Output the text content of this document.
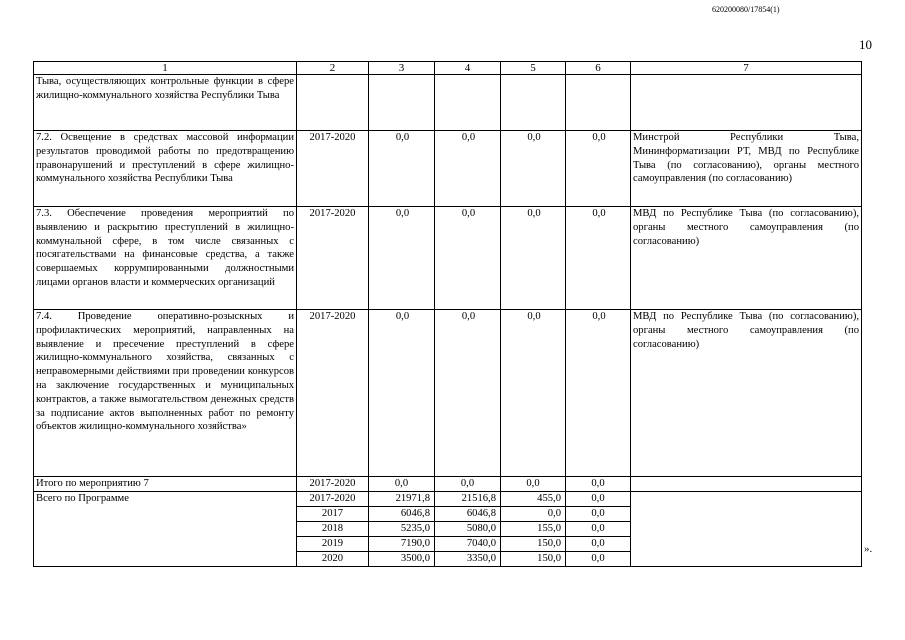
620200080/17854(1)
10
».
1	2	3	4	5	6	7
Тыва, осуществляющих контрольные функции в сфере жилищно-коммунального хозяйства Республики Тыва						
7.2. Освещение в средствах массовой информации результатов проводимой работы по предотвращению правонарушений и преступлений в сфере жилищно-коммунального хозяйства Республики Тыва	2017-2020	0,0	0,0	0,0	0,0	Минстрой Республики Тыва, Мининформатизации РТ, МВД по Республике Тыва (по согласованию), органы местного самоуправления (по согласованию)
7.3. Обеспечение проведения мероприятий по выявлению и раскрытию преступлений в жилищно-коммунальной сфере, в том числе связанных с посягательствами на финансовые средства, а также совершаемых коррумпированными должностными лицами органов власти и коммерческих организаций	2017-2020	0,0	0,0	0,0	0,0	МВД по Республике Тыва (по согласованию), органы местного самоуправления (по согласованию)
7.4. Проведение оперативно-розыскных и профилактических мероприятий, направленных на выявление и пресечение преступлений в сфере жилищно-коммунального хозяйства, связанных с неправомерными действиями при проведении конкурсов на заключение государственных и муниципальных контрактов, а также вымогательством денежных средств за подписание актов выполненных работ по ремонту объектов жилищно-коммунального хозяйства»	2017-2020	0,0	0,0	0,0	0,0	МВД по Республике Тыва (по согласованию), органы местного самоуправления (по согласованию)
Итого по мероприятию 7	2017-2020	0,0	0,0	0,0	0,0	
Всего по Программе	2017-2020	21971,8	21516,8	455,0	0,0	
	2017	6046,8	6046,8	0,0	0,0	
	2018	5235,0	5080,0	155,0	0,0	
	2019	7190,0	7040,0	150,0	0,0	
	2020	3500,0	3350,0	150,0	0,0	
